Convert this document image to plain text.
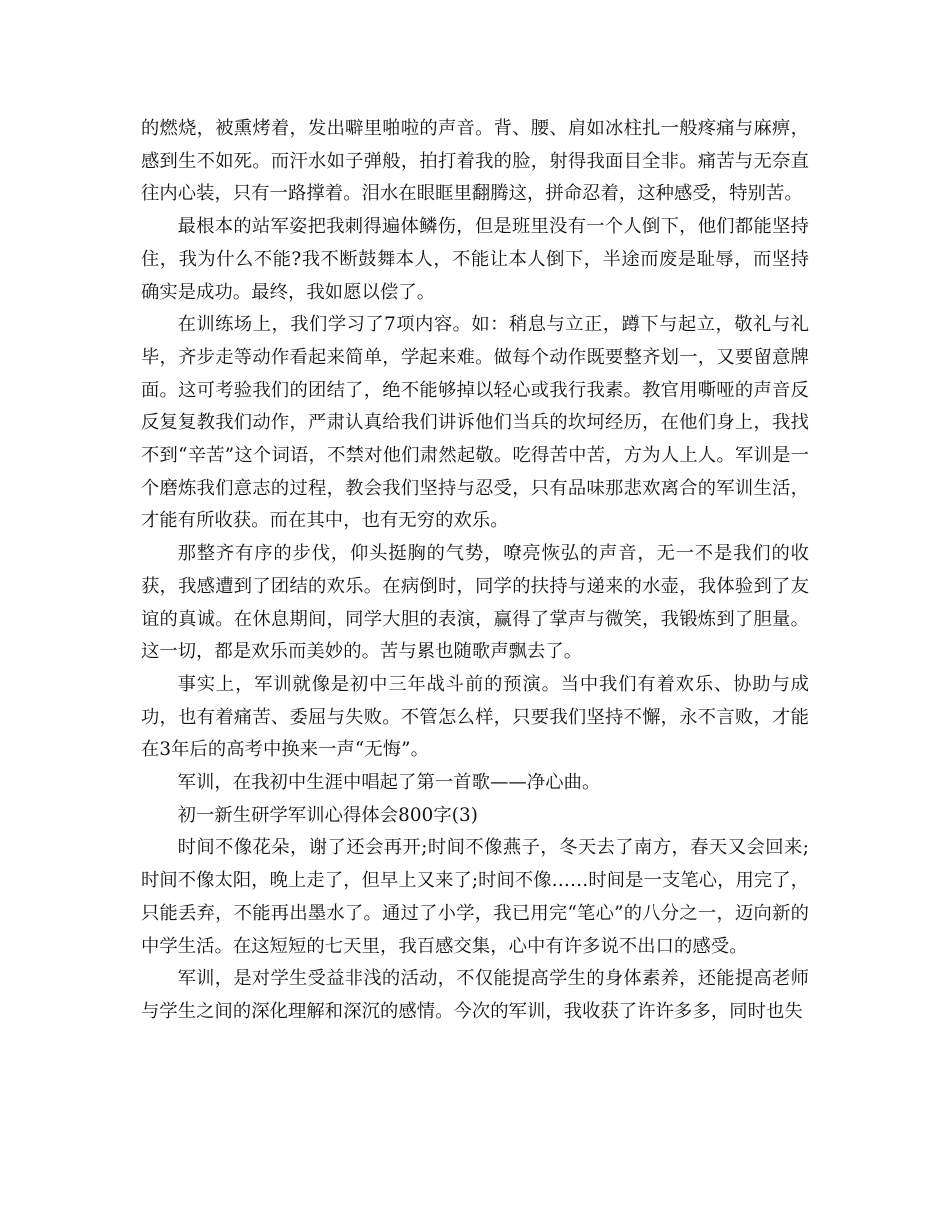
的燃烧，被熏烤着，发出噼里啪啦的声音。背、腰、肩如冰柱扎一般疼痛与麻痹，感到生不如死。而汗水如子弹般，拍打着我的脸，射得我面目全非。痛苦与无奈直往内心装，只有一路撑着。泪水在眼眶里翻腾这，拼命忍着，这种感受，特别苦。

最根本的站军姿把我刺得遍体鳞伤，但是班里没有一个人倒下，他们都能坚持住，我为什么不能?我不断鼓舞本人，不能让本人倒下，半途而废是耻辱，而坚持确实是成功。最终，我如愿以偿了。

在训练场上，我们学习了7项内容。如：稍息与立正，蹲下与起立，敬礼与礼毕，齐步走等动作看起来简单，学起来难。做每个动作既要整齐划一，又要留意牌面。这可考验我们的团结了，绝不能够掉以轻心或我行我素。教官用嘶哑的声音反反复复教我们动作，严肃认真给我们讲诉他们当兵的坎坷经历，在他们身上，我找不到“辛苦”这个词语，不禁对他们肃然起敬。吃得苦中苦，方为人上人。军训是一个磨炼我们意志的过程，教会我们坚持与忍受，只有品味那悲欢离合的军训生活，才能有所收获。而在其中，也有无穷的欢乐。

那整齐有序的步伐，仰头挺胸的气势，嘹亮恢弘的声音，无一不是我们的收获，我感遭到了团结的欢乐。在病倒时，同学的扶持与递来的水壶，我体验到了友谊的真诚。在休息期间，同学大胆的表演，赢得了掌声与微笑，我锻炼到了胆量。这一切，都是欢乐而美妙的。苦与累也随歌声飘去了。

事实上，军训就像是初中三年战斗前的预演。当中我们有着欢乐、协助与成功，也有着痛苦、委屈与失败。不管怎么样，只要我们坚持不懈，永不言败，才能在3年后的高考中换来一声“无悔”。

军训，在我初中生涯中唱起了第一首歌——净心曲。

初一新生研学军训心得体会800字(3)

时间不像花朵，谢了还会再开;时间不像燕子，冬天去了南方，春天又会回来;时间不像太阳，晚上走了，但早上又来了;时间不像……时间是一支笔心，用完了，只能丢弃，不能再出墨水了。通过了小学，我已用完“笔心”的八分之一，迈向新的中学生活。在这短短的七天里，我百感交集，心中有许多说不出口的感受。

军训，是对学生受益非浅的活动，不仅能提高学生的身体素养，还能提高老师与学生之间的深化理解和深沉的感情。今次的军训，我收获了许许多多，同时也失
